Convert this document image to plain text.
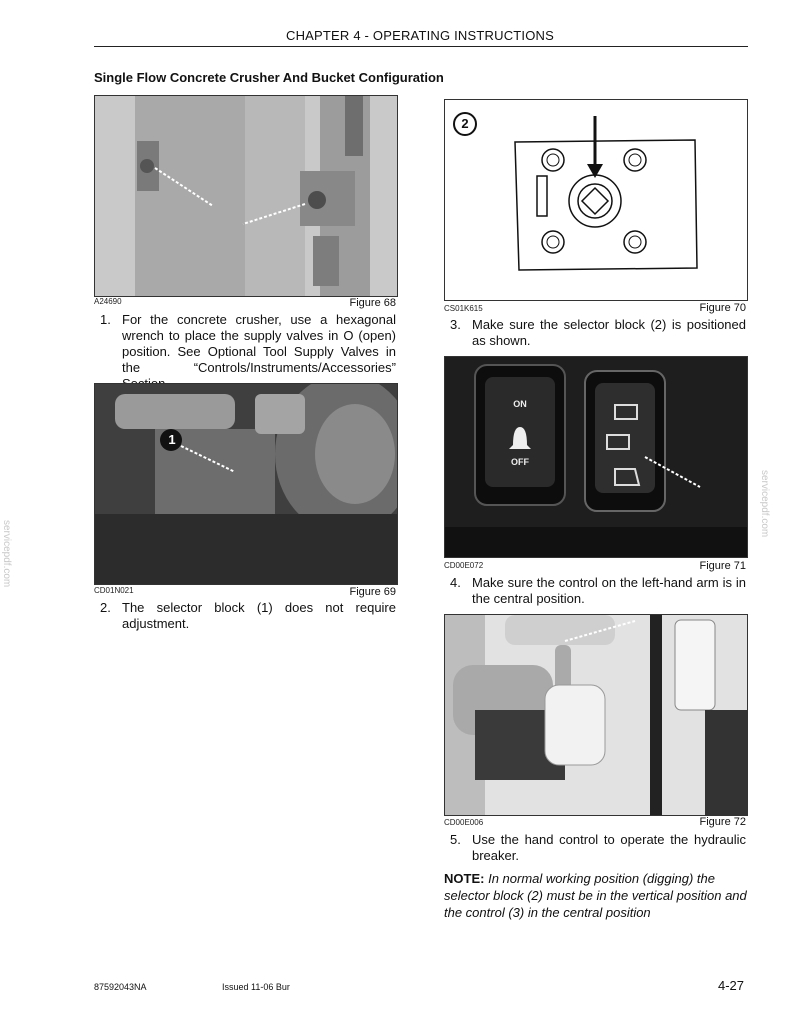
CHAPTER 4 - OPERATING INSTRUCTIONS
Single Flow Concrete Crusher And Bucket Configuration
A24690	Figure 68
1. For the concrete crusher, use a hexagonal wrench to place the supply valves in O (open) position. See Optional Tool Supply Valves in the “Controls/Instruments/Accessories”
1
CD01N021	Figure 69
2. The selector block (1) does not require adjustment.
2
CS01K615	Figure 70
3. Make sure the selector block (2) is positioned as shown.
ON
OFF
CD00E072	Figure 71
4. Make sure the control on the left-hand arm is in the central position.
CD00E006	Figure 72
5. Use the hand control to operate the hydraulic breaker.
NOTE: In normal working position (digging) the selector block (2) must be in the vertical position and the control (3) in the central position
servicepdf.com
servicepdf.com
87592043NA	Issued 11-06 Bur	4-27
